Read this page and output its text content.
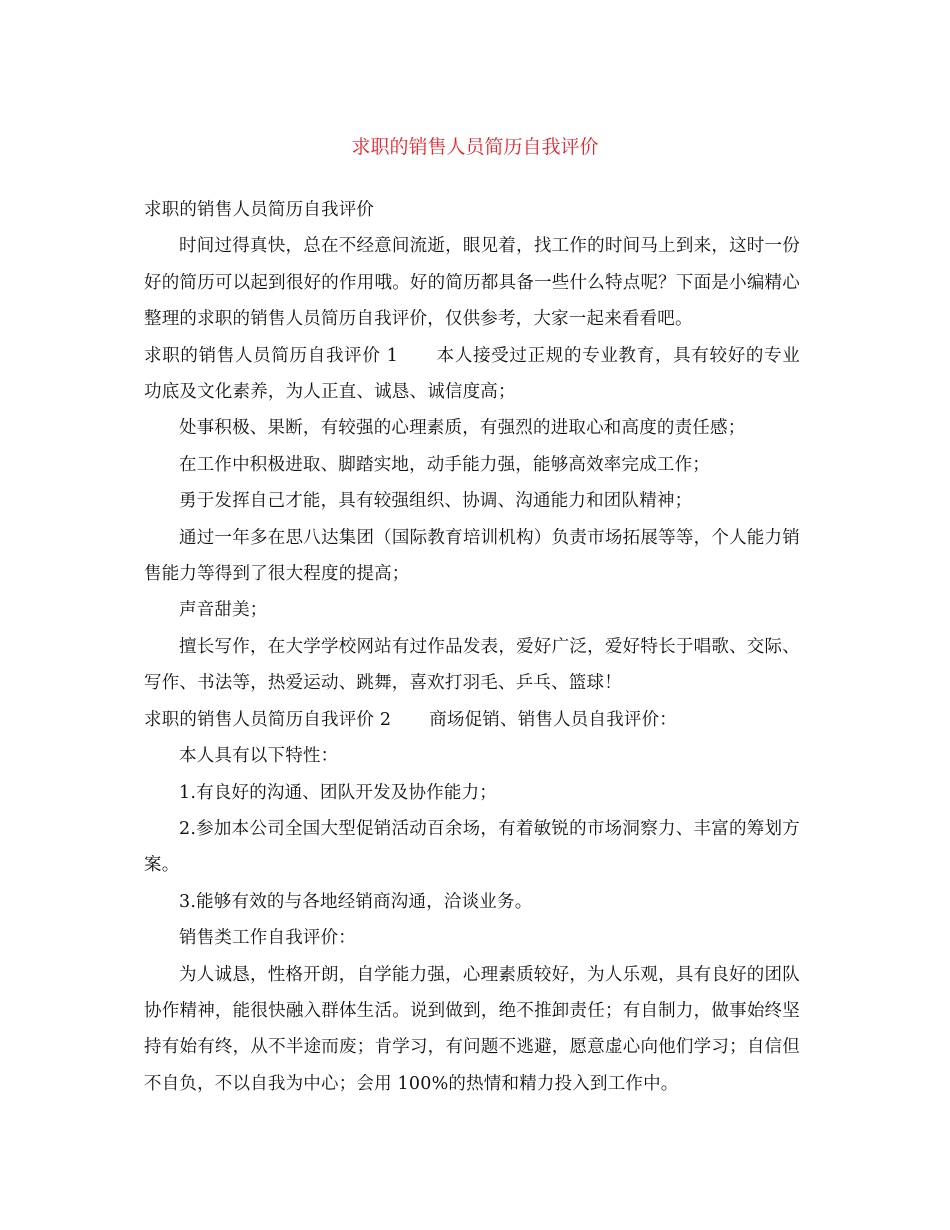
求职的销售人员简历自我评价

求职的销售人员简历自我评价

时间过得真快，总在不经意间流逝，眼见着，找工作的时间马上到来，这时一份好的简历可以起到很好的作用哦。好的简历都具备一些什么特点呢？下面是小编精心整理的求职的销售人员简历自我评价，仅供参考，大家一起来看看吧。

求职的销售人员简历自我评价 1 本人接受过正规的专业教育，具有较好的专业功底及文化素养，为人正直、诚恳、诚信度高；

处事积极、果断，有较强的心理素质，有强烈的进取心和高度的责任感；

在工作中积极进取、脚踏实地，动手能力强，能够高效率完成工作；

勇于发挥自己才能，具有较强组织、协调、沟通能力和团队精神；

通过一年多在思八达集团（国际教育培训机构）负责市场拓展等等，个人能力销售能力等得到了很大程度的提高；

声音甜美；

擅长写作，在大学学校网站有过作品发表，爱好广泛，爱好特长于唱歌、交际、写作、书法等，热爱运动、跳舞，喜欢打羽毛、乒乓、篮球！

求职的销售人员简历自我评价 2 商场促销、销售人员自我评价：

本人具有以下特性：

1.有良好的沟通、团队开发及协作能力；

2.参加本公司全国大型促销活动百余场，有着敏锐的市场洞察力、丰富的筹划方案。

3.能够有效的与各地经销商沟通，洽谈业务。

销售类工作自我评价：

为人诚恳，性格开朗，自学能力强，心理素质较好，为人乐观，具有良好的团队协作精神，能很快融入群体生活。说到做到，绝不推卸责任；有自制力，做事始终坚持有始有终，从不半途而废；肯学习，有问题不逃避，愿意虚心向他们学习；自信但不自负，不以自我为中心；会用 100%的热情和精力投入到工作中。
